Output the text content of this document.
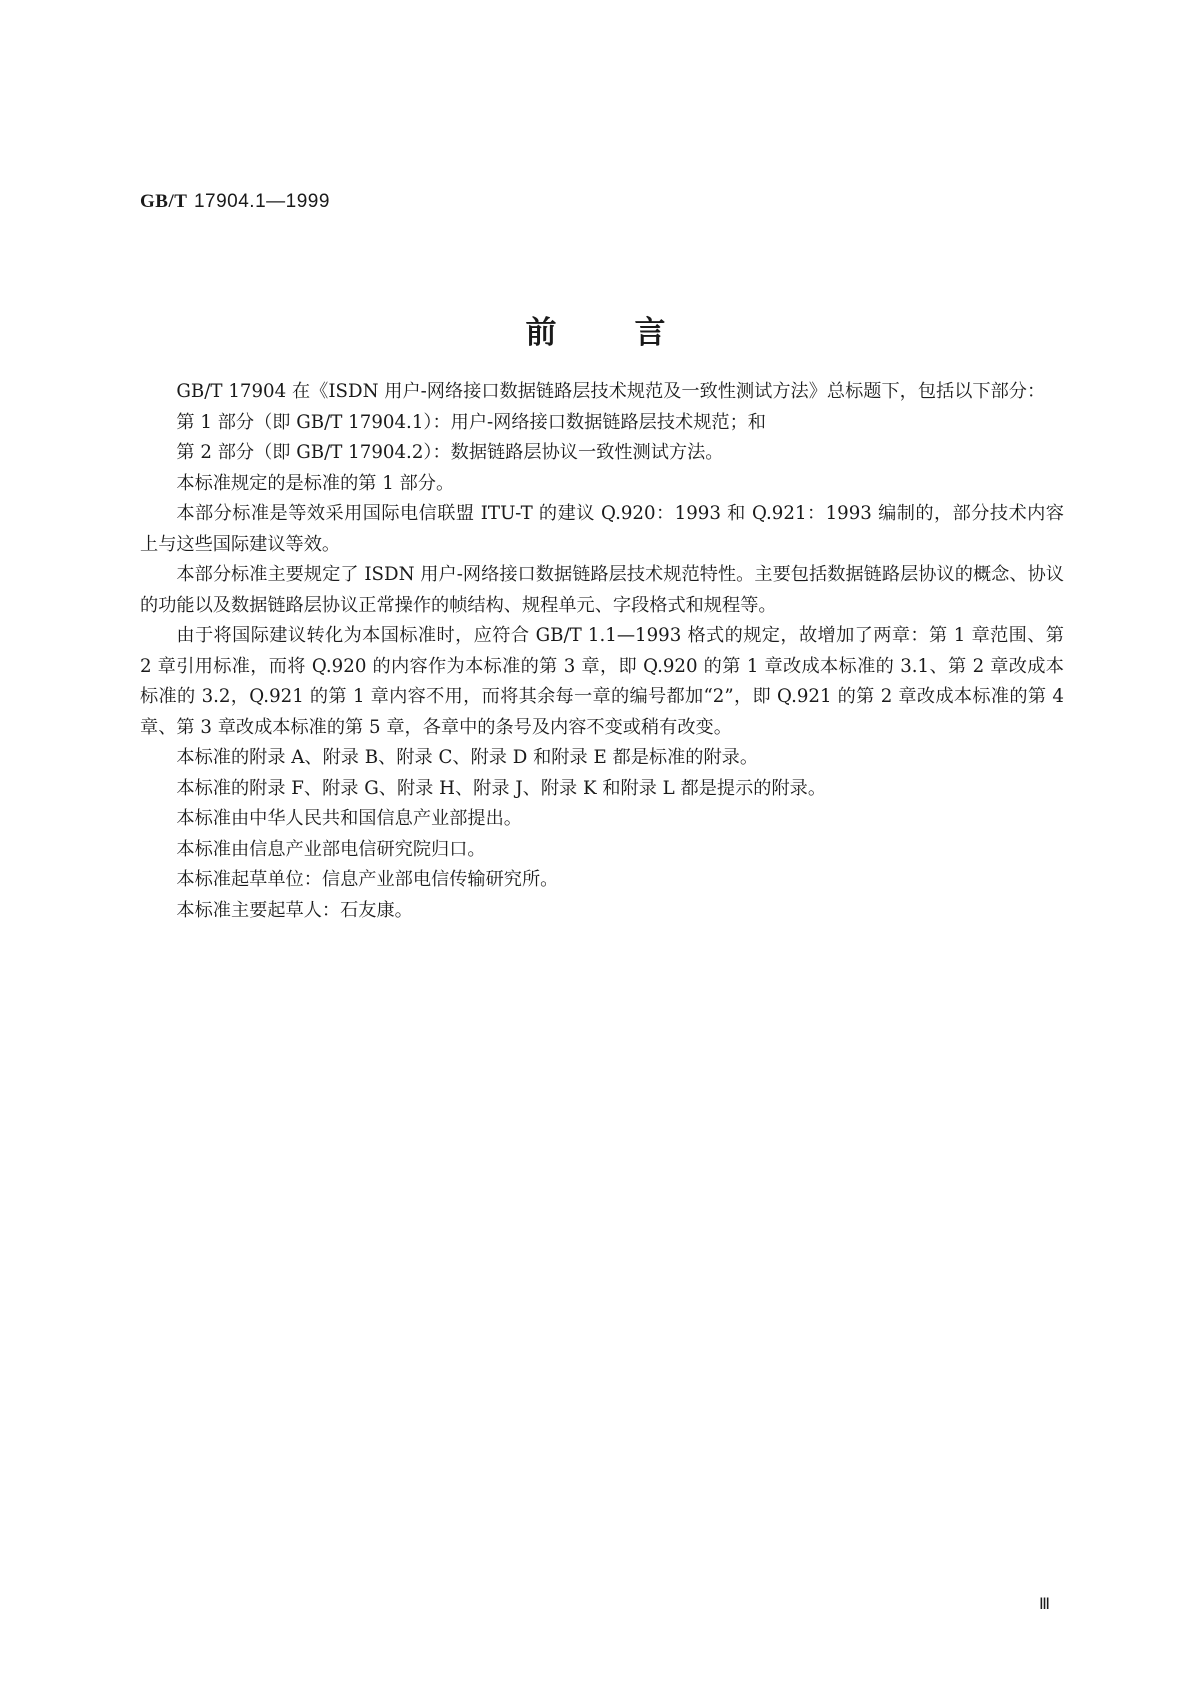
GB/T 17904.1—1999
前言

GB/T 17904 在《ISDN 用户-网络接口数据链路层技术规范及一致性测试方法》总标题下，包括以下部分：

第 1 部分（即 GB/T 17904.1）：用户-网络接口数据链路层技术规范；和

第 2 部分（即 GB/T 17904.2）：数据链路层协议一致性测试方法。

本标准规定的是标准的第 1 部分。

本部分标准是等效采用国际电信联盟 ITU-T 的建议 Q.920：1993 和 Q.921：1993 编制的，部分技术内容上与这些国际建议等效。

本部分标准主要规定了 ISDN 用户-网络接口数据链路层技术规范特性。主要包括数据链路层协议的概念、协议的功能以及数据链路层协议正常操作的帧结构、规程单元、字段格式和规程等。

由于将国际建议转化为本国标准时，应符合 GB/T 1.1—1993 格式的规定，故增加了两章：第 1 章范围、第 2 章引用标准，而将 Q.920 的内容作为本标准的第 3 章，即 Q.920 的第 1 章改成本标准的 3.1、第 2 章改成本标准的 3.2，Q.921 的第 1 章内容不用，而将其余每一章的编号都加“2”，即 Q.921 的第 2 章改成本标准的第 4 章、第 3 章改成本标准的第 5 章，各章中的条号及内容不变或稍有改变。

本标准的附录 A、附录 B、附录 C、附录 D 和附录 E 都是标准的附录。

本标准的附录 F、附录 G、附录 H、附录 J、附录 K 和附录 L 都是提示的附录。

本标准由中华人民共和国信息产业部提出。

本标准由信息产业部电信研究院归口。

本标准起草单位：信息产业部电信传输研究所。

本标准主要起草人：石友康。

Ⅲ
